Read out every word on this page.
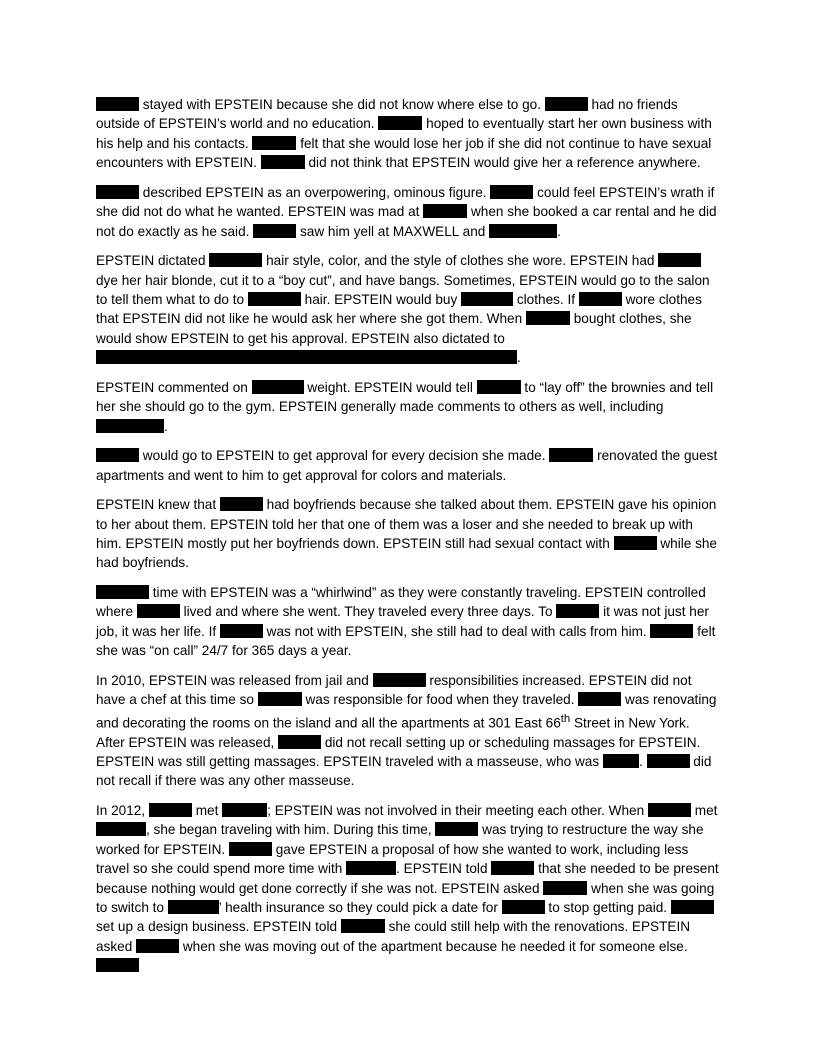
stayed with EPSTEIN because she did not know where else to go.	had no friends outside of EPSTEIN’s world and no education.	hoped to eventually start her own business with his help and his contacts.	felt that she would lose her job if she did not continue to have sexual encounters with EPSTEIN.	did not think that EPSTEIN would give her a reference anywhere.

described EPSTEIN as an overpowering, ominous figure.	could feel EPSTEIN’s wrath if she did not do what he wanted. EPSTEIN was mad at	when she booked a car rental and he did not do exactly as he said.	saw him yell at MAXWELL and	.

EPSTEIN dictated	hair style, color, and the style of clothes she wore. EPSTEIN had  dye her hair blonde, cut it to a “boy cut”, and have bangs. Sometimes, EPSTEIN would go to the salon to tell them what to do to	hair. EPSTEIN would buy	clothes. If	wore clothes that EPSTEIN did not like he would ask her where she got them. When	bought clothes, she would show EPSTEIN to get his approval. EPSTEIN also dictated to .

EPSTEIN commented on	weight. EPSTEIN would tell	to “lay off” the brownies and tell her she should go to the gym. EPSTEIN generally made comments to others as well, including .

would go to EPSTEIN to get approval for every decision she made.	renovated the guest apartments and went to him to get approval for colors and materials.

EPSTEIN knew that	had boyfriends because she talked about them. EPSTEIN gave his opinion to her about them. EPSTEIN told her that one of them was a loser and she needed to break up with him. EPSTEIN mostly put her boyfriends down. EPSTEIN still had sexual contact with	while she had boyfriends.

time with EPSTEIN was a “whirlwind” as they were constantly traveling. EPSTEIN controlled where	lived and where she went. They traveled every three days. To	it was not just her job, it was her life. If	was not with EPSTEIN, she still had to deal with calls from him.	felt she was “on call” 24/7 for 365 days a year.

In 2010, EPSTEIN was released from jail and	responsibilities increased. EPSTEIN did not have a chef at this time so	was responsible for food when they traveled.	was renovating and decorating the rooms on the island and all the apartments at 301 East 66th Street in New York. After EPSTEIN was released,	did not recall setting up or scheduling massages for EPSTEIN. EPSTEIN was still getting massages. EPSTEIN traveled with a masseuse, who was	.	did not recall if there was any other masseuse.

In 2012,	met	; EPSTEIN was not involved in their meeting each other. When	met , she began traveling with him. During this time,	was trying to restructure the way she worked for EPSTEIN.	gave EPSTEIN a proposal of how she wanted to work, including less travel so she could spend more time with	. EPSTEIN told	that she needed to be present because nothing would get done correctly if she was not. EPSTEIN asked	when she was going to switch to	’ health insurance so they could pick a date for	to stop getting paid.  set up a design business. EPSTEIN told	she could still help with the renovations. EPSTEIN asked	when she was moving out of the apartment because he needed it for someone else.
